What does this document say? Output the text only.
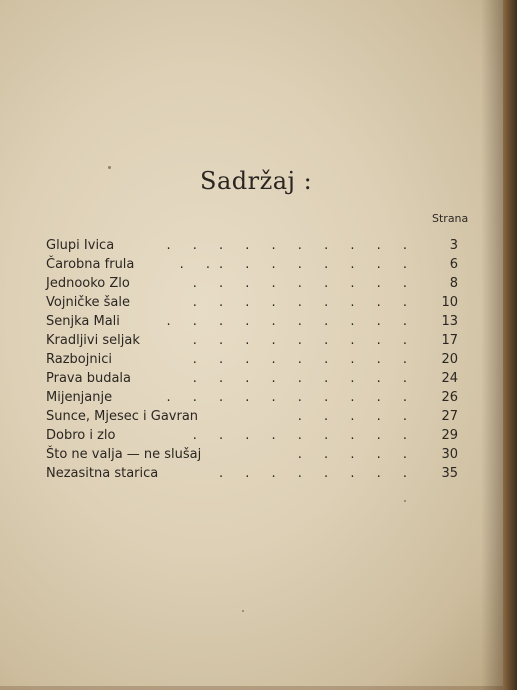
Sadržaj :
Strana
Glupi Ivica	. . . . . . . . . .	3
Čarobna frula	. .. . . . . . . .	6
Jednooko Zlo	. . . . . . . . .	8
Vojničke šale	. . . . . . . . . 10
Senjka Mali	. . . . . . . . . . 13
Kradljivi seljak	. . . . . . . . . 17
Razbojnici	. . . . . . . . . 20
Prava budala	. . . . . . . . . 24
Mijenjanje	. . . . . . . . . . 26
Sunce, Mjesec i Gavran	. . . . . 27
Dobro i zlo	. . . . . . . . . 29
Što ne valja — ne slušaj	. . . . . 30
Nezasitna starica	. . . . . . . . 35
